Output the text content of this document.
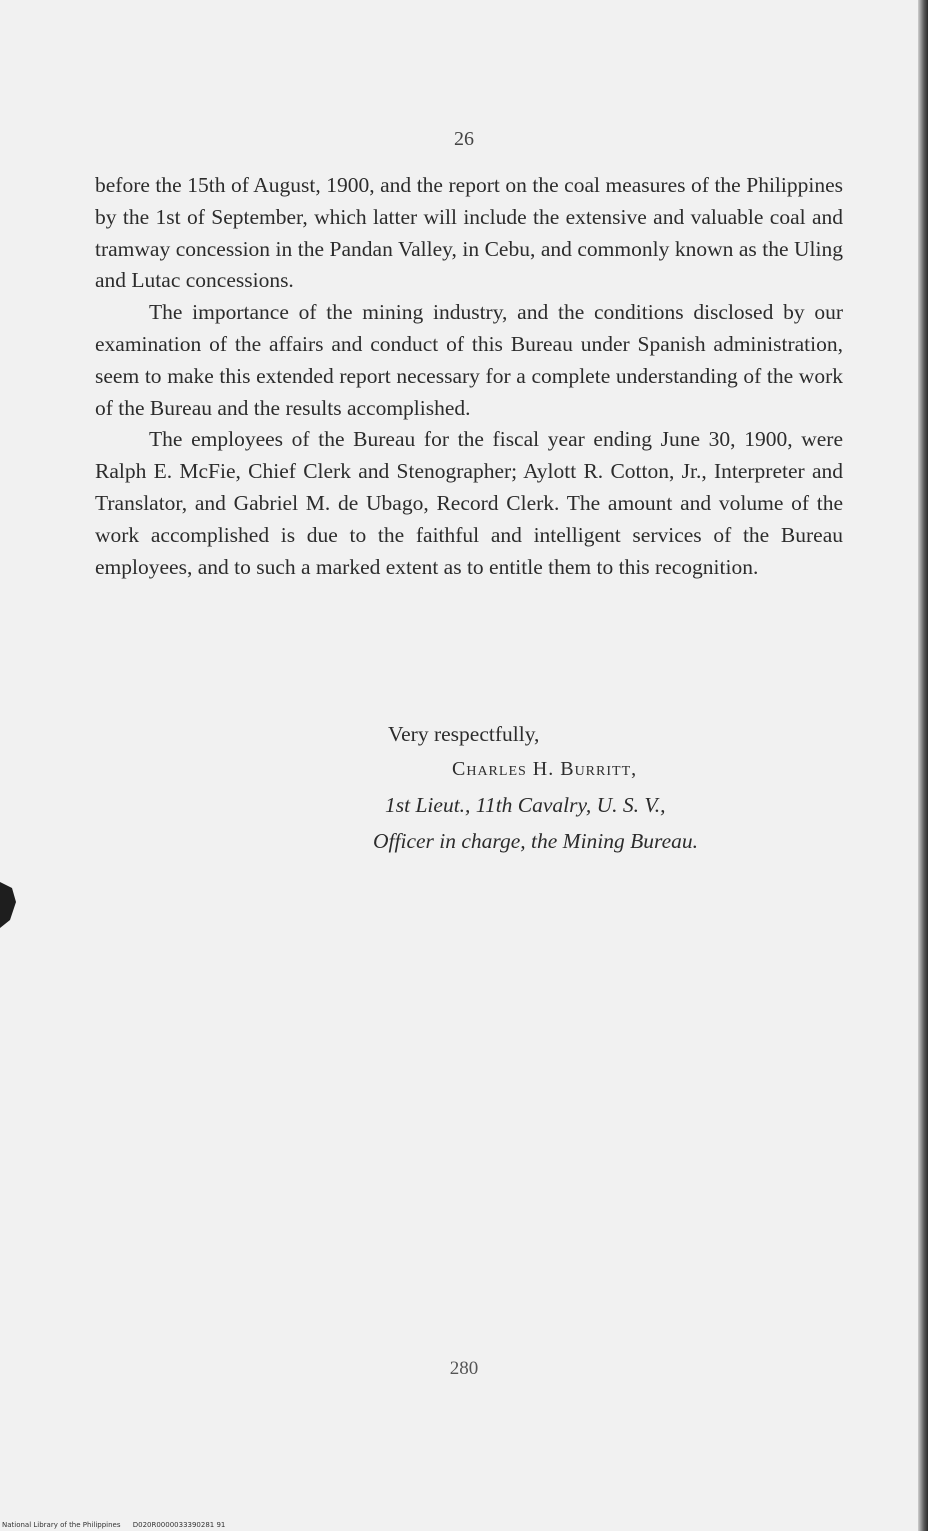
26

before the 15th of August, 1900, and the report on the coal measures of the Philippines by the 1st of September, which latter will include the extensive and valuable coal and tramway concession in the Pandan Valley, in Cebu, and commonly known as the Uling and Lutac concessions.

The importance of the mining industry, and the conditions disclosed by our examination of the affairs and conduct of this Bureau under Spanish administration, seem to make this extended report necessary for a complete understanding of the work of the Bureau and the results accomplished.

The employees of the Bureau for the fiscal year ending June 30, 1900, were Ralph E. McFie, Chief Clerk and Stenographer; Aylott R. Cotton, Jr., Interpreter and Translator, and Gabriel M. de Ubago, Record Clerk. The amount and volume of the work accomplished is due to the faithful and intelligent services of the Bureau employees, and to such a marked extent as to entitle them to this recognition.

Very respectfully,
Charles H. Burritt,
1st Lieut., 11th Cavalry, U. S. V.,
Officer in charge, the Mining Bureau.
280
National Library of the Philippines D020R0000033390281 91
